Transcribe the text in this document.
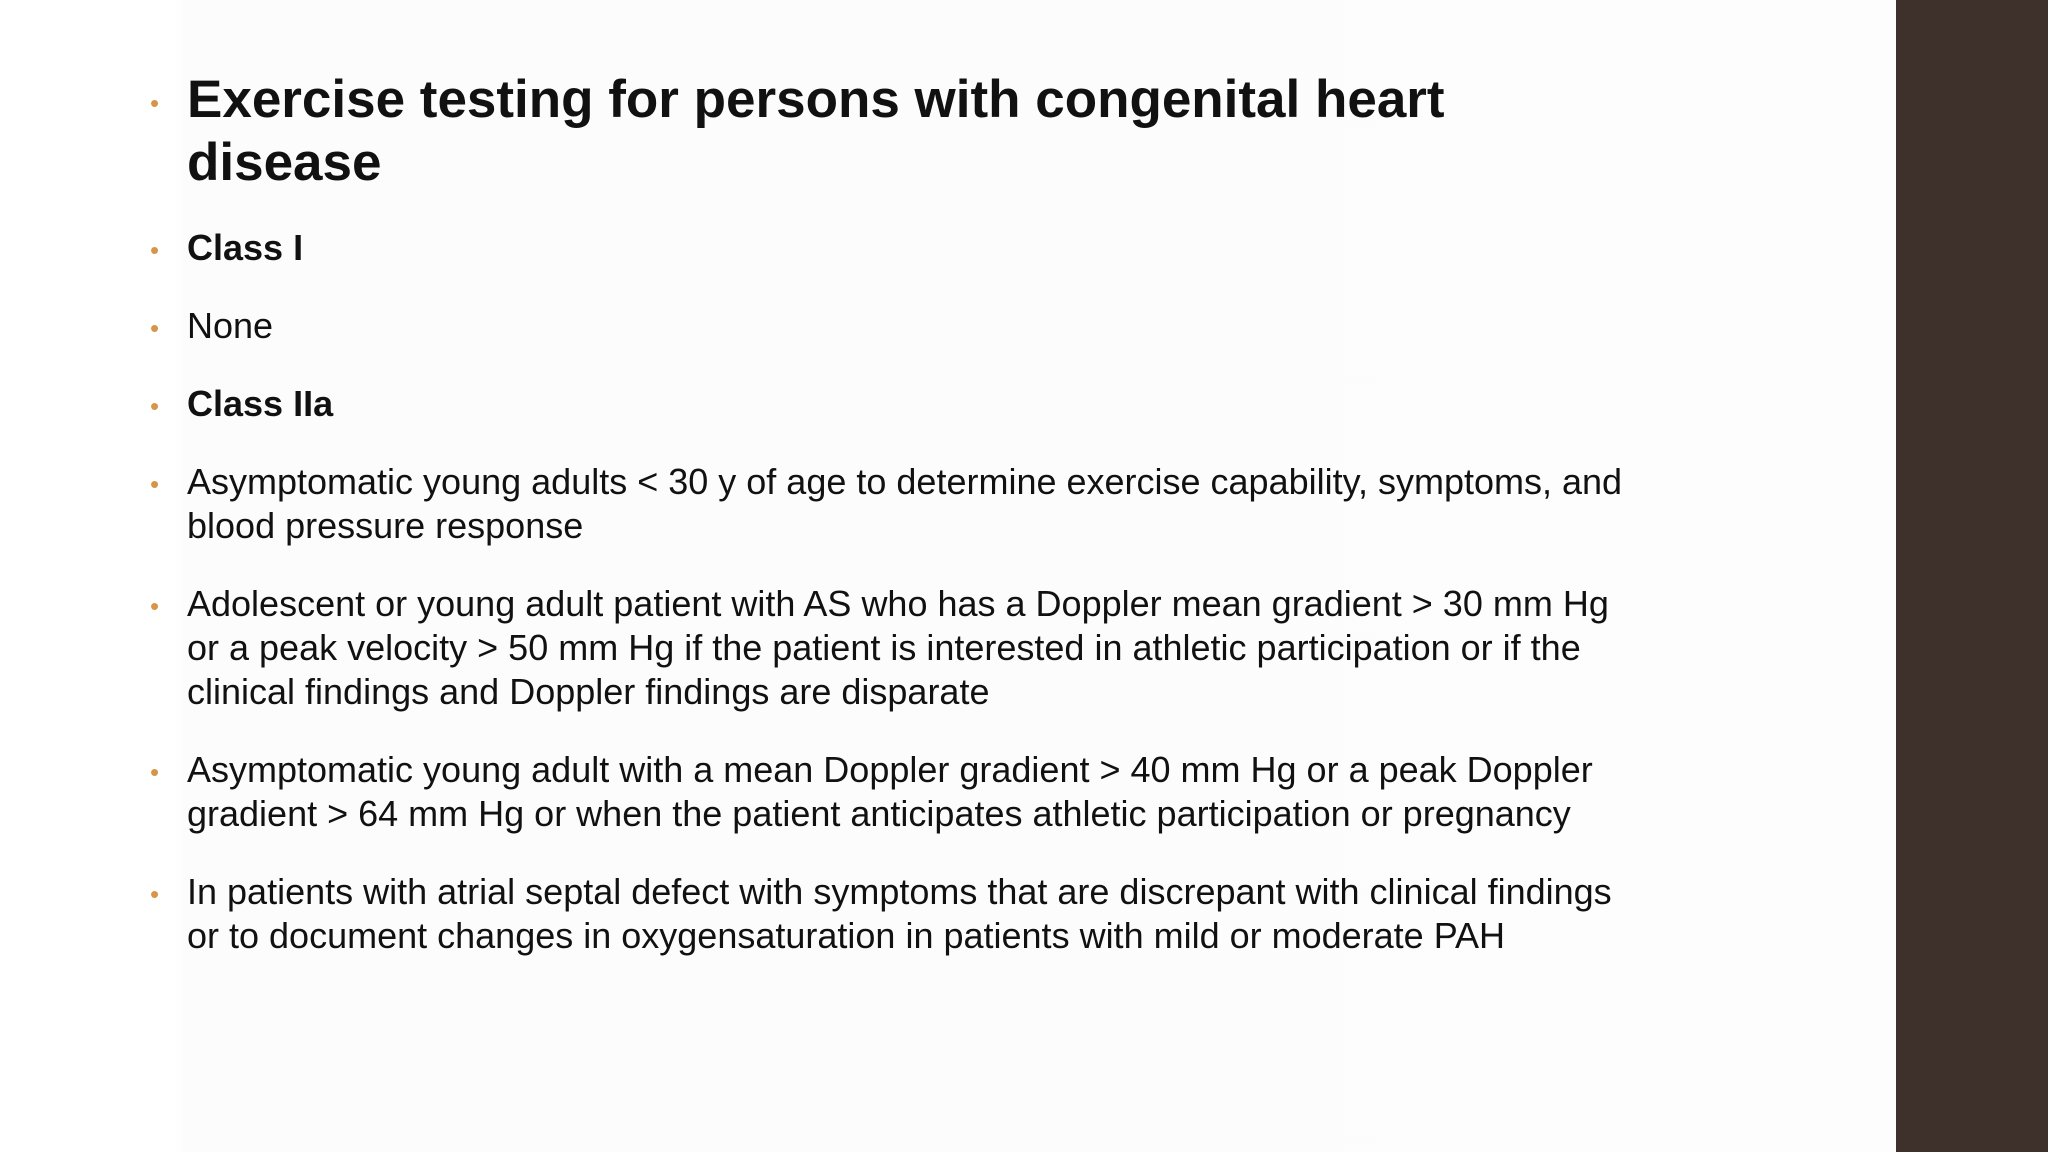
• Exercise testing for persons with congenital heart disease
• Class I
• None
• Class IIa
• Asymptomatic young adults < 30 y of age to determine exercise capability, symptoms, and blood pressure response
• Adolescent or young adult patient with AS who has a Doppler mean gradient > 30 mm Hg or a peak velocity > 50 mm Hg if the patient is interested in athletic participation or if the clinical findings and Doppler findings are disparate
• Asymptomatic young adult with a mean Doppler gradient > 40 mm Hg or a peak Doppler gradient > 64 mm Hg or when the patient anticipates athletic participation or pregnancy
• In patients with atrial septal defect with symptoms that are discrepant with clinical findings or to document changes in oxygensaturation in patients with mild or moderate PAH
